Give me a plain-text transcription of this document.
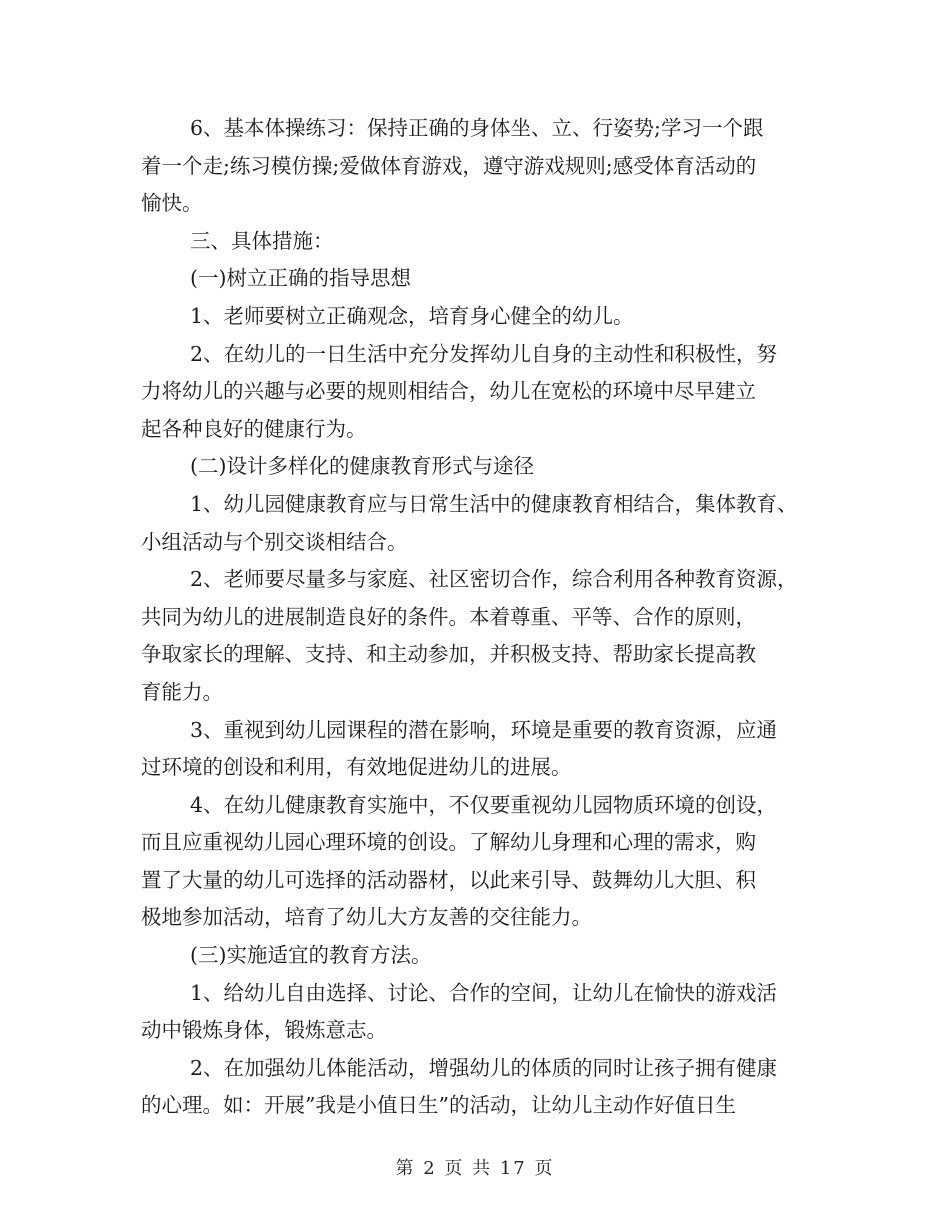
6、基本体操练习：保持正确的身体坐、立、行姿势;学习一个跟
着一个走;练习模仿操;爱做体育游戏，遵守游戏规则;感受体育活动的
愉快。
三、具体措施：
(一)树立正确的指导思想
1、老师要树立正确观念，培育身心健全的幼儿。
2、在幼儿的一日生活中充分发挥幼儿自身的主动性和积极性，努
力将幼儿的兴趣与必要的规则相结合，幼儿在宽松的环境中尽早建立
起各种良好的健康行为。
(二)设计多样化的健康教育形式与途径
1、幼儿园健康教育应与日常生活中的健康教育相结合，集体教育、
小组活动与个别交谈相结合。
2、老师要尽量多与家庭、社区密切合作，综合利用各种教育资源，
共同为幼儿的进展制造良好的条件。本着尊重、平等、合作的原则，
争取家长的理解、支持、和主动参加，并积极支持、帮助家长提高教
育能力。
3、重视到幼儿园课程的潜在影响，环境是重要的教育资源，应通
过环境的创设和利用，有效地促进幼儿的进展。
4、在幼儿健康教育实施中，不仅要重视幼儿园物质环境的创设，
而且应重视幼儿园心理环境的创设。了解幼儿身理和心理的需求，购
置了大量的幼儿可选择的活动器材，以此来引导、鼓舞幼儿大胆、积
极地参加活动，培育了幼儿大方友善的交往能力。
(三)实施适宜的教育方法。
1、给幼儿自由选择、讨论、合作的空间，让幼儿在愉快的游戏活
动中锻炼身体，锻炼意志。
2、在加强幼儿体能活动，增强幼儿的体质的同时让孩子拥有健康
的心理。如：开展”我是小值日生”的活动，让幼儿主动作好值日生
第 2 页 共 17 页
